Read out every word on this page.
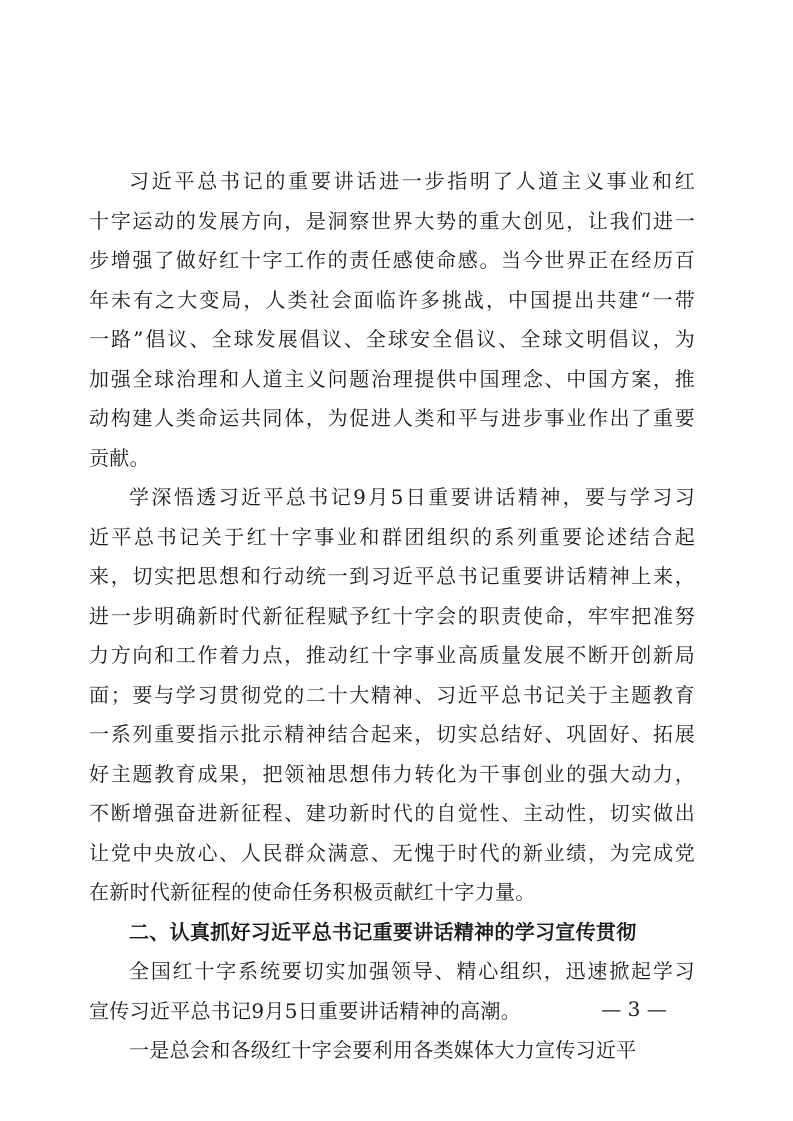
习近平总书记的重要讲话进一步指明了人道主义事业和红
十字运动的发展方向，是洞察世界大势的重大创见，让我们进一
步增强了做好红十字工作的责任感使命感。当今世界正在经历百
年未有之大变局，人类社会面临许多挑战，中国提出共建“一带
一路”倡议、全球发展倡议、全球安全倡议、全球文明倡议，为
加强全球治理和人道主义问题治理提供中国理念、中国方案，推
动构建人类命运共同体，为促进人类和平与进步事业作出了重要
贡献。
学深悟透习近平总书记9月5日重要讲话精神，要与学习习
近平总书记关于红十字事业和群团组织的系列重要论述结合起
来，切实把思想和行动统一到习近平总书记重要讲话精神上来，
进一步明确新时代新征程赋予红十字会的职责使命，牢牢把准努
力方向和工作着力点，推动红十字事业高质量发展不断开创新局
面；要与学习贯彻党的二十大精神、习近平总书记关于主题教育
一系列重要指示批示精神结合起来，切实总结好、巩固好、拓展
好主题教育成果，把领袖思想伟力转化为干事创业的强大动力，
不断增强奋进新征程、建功新时代的自觉性、主动性，切实做出
让党中央放心、人民群众满意、无愧于时代的新业绩，为完成党
在新时代新征程的使命任务积极贡献红十字力量。
二、认真抓好习近平总书记重要讲话精神的学习宣传贯彻
全国红十字系统要切实加强领导、精心组织，迅速掀起学习
宣传习近平总书记9月5日重要讲话精神的高潮。
一是总会和各级红十字会要利用各类媒体大力宣传习近平
— 3 —
